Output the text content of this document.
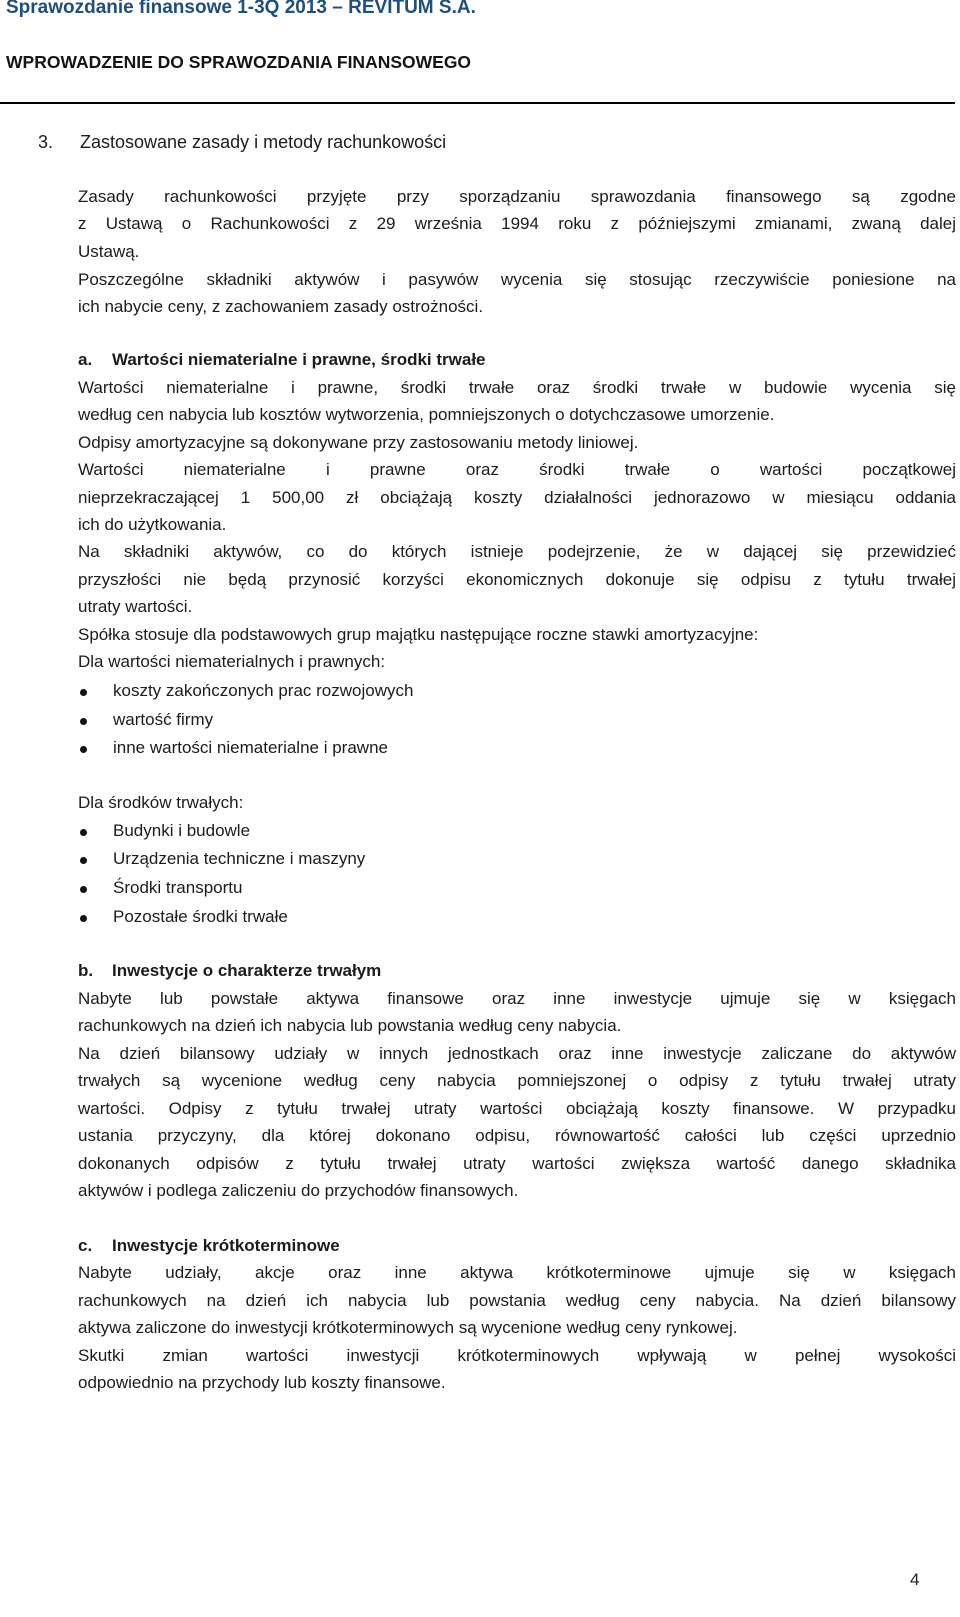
Sprawozdanie finansowe 1-3Q 2013 – REVITUM S.A.

WPROWADZENIE DO SPRAWOZDANIA FINANSOWEGO

3. Zastosowane zasady i metody rachunkowości

Zasady rachunkowości przyjęte przy sporządzaniu sprawozdania finansowego są zgodne

z Ustawą o Rachunkowości z 29 września 1994 roku z późniejszymi zmianami, zwaną dalej

Ustawą.

Poszczególne składniki aktywów i pasywów wycenia się stosując rzeczywiście poniesione na

ich nabycie ceny, z zachowaniem zasady ostrożności.

a. Wartości niematerialne i prawne, środki trwałe

Wartości niematerialne i prawne, środki trwałe oraz środki trwałe w budowie wycenia się

według cen nabycia lub kosztów wytworzenia, pomniejszonych o dotychczasowe umorzenie.

Odpisy amortyzacyjne są dokonywane przy zastosowaniu metody liniowej.

Wartości niematerialne i prawne oraz środki trwałe o wartości początkowej

nieprzekraczającej 1 500,00 zł obciążają koszty działalności jednorazowo w miesiącu oddania

ich do użytkowania.

Na składniki aktywów, co do których istnieje podejrzenie, że w dającej się przewidzieć

przyszłości nie będą przynosić korzyści ekonomicznych dokonuje się odpisu z tytułu trwałej

utraty wartości.

Spółka stosuje dla podstawowych grup majątku następujące roczne stawki amortyzacyjne:

Dla wartości niematerialnych i prawnych:

koszty zakończonych prac rozwojowych
wartość firmy
inne wartości niematerialne i prawne

Dla środków trwałych:

Budynki i budowle
Urządzenia techniczne i maszyny
Środki transportu
Pozostałe środki trwałe

b. Inwestycje o charakterze trwałym

Nabyte lub powstałe aktywa finansowe oraz inne inwestycje ujmuje się w księgach

rachunkowych na dzień ich nabycia lub powstania według ceny nabycia.

Na dzień bilansowy udziały w innych jednostkach oraz inne inwestycje zaliczane do aktywów

trwałych są wycenione według ceny nabycia pomniejszonej o odpisy z tytułu trwałej utraty

wartości. Odpisy z tytułu trwałej utraty wartości obciążają koszty finansowe. W przypadku

ustania przyczyny, dla której dokonano odpisu, równowartość całości lub części uprzednio

dokonanych odpisów z tytułu trwałej utraty wartości zwiększa wartość danego składnika

aktywów i podlega zaliczeniu do przychodów finansowych.

c. Inwestycje krótkoterminowe

Nabyte udziały, akcje oraz inne aktywa krótkoterminowe ujmuje się w księgach

rachunkowych na dzień ich nabycia lub powstania według ceny nabycia. Na dzień bilansowy

aktywa zaliczone do inwestycji krótkoterminowych są wycenione według ceny rynkowej.

Skutki zmian wartości inwestycji krótkoterminowych wpływają w pełnej wysokości

odpowiednio na przychody lub koszty finansowe.

4
